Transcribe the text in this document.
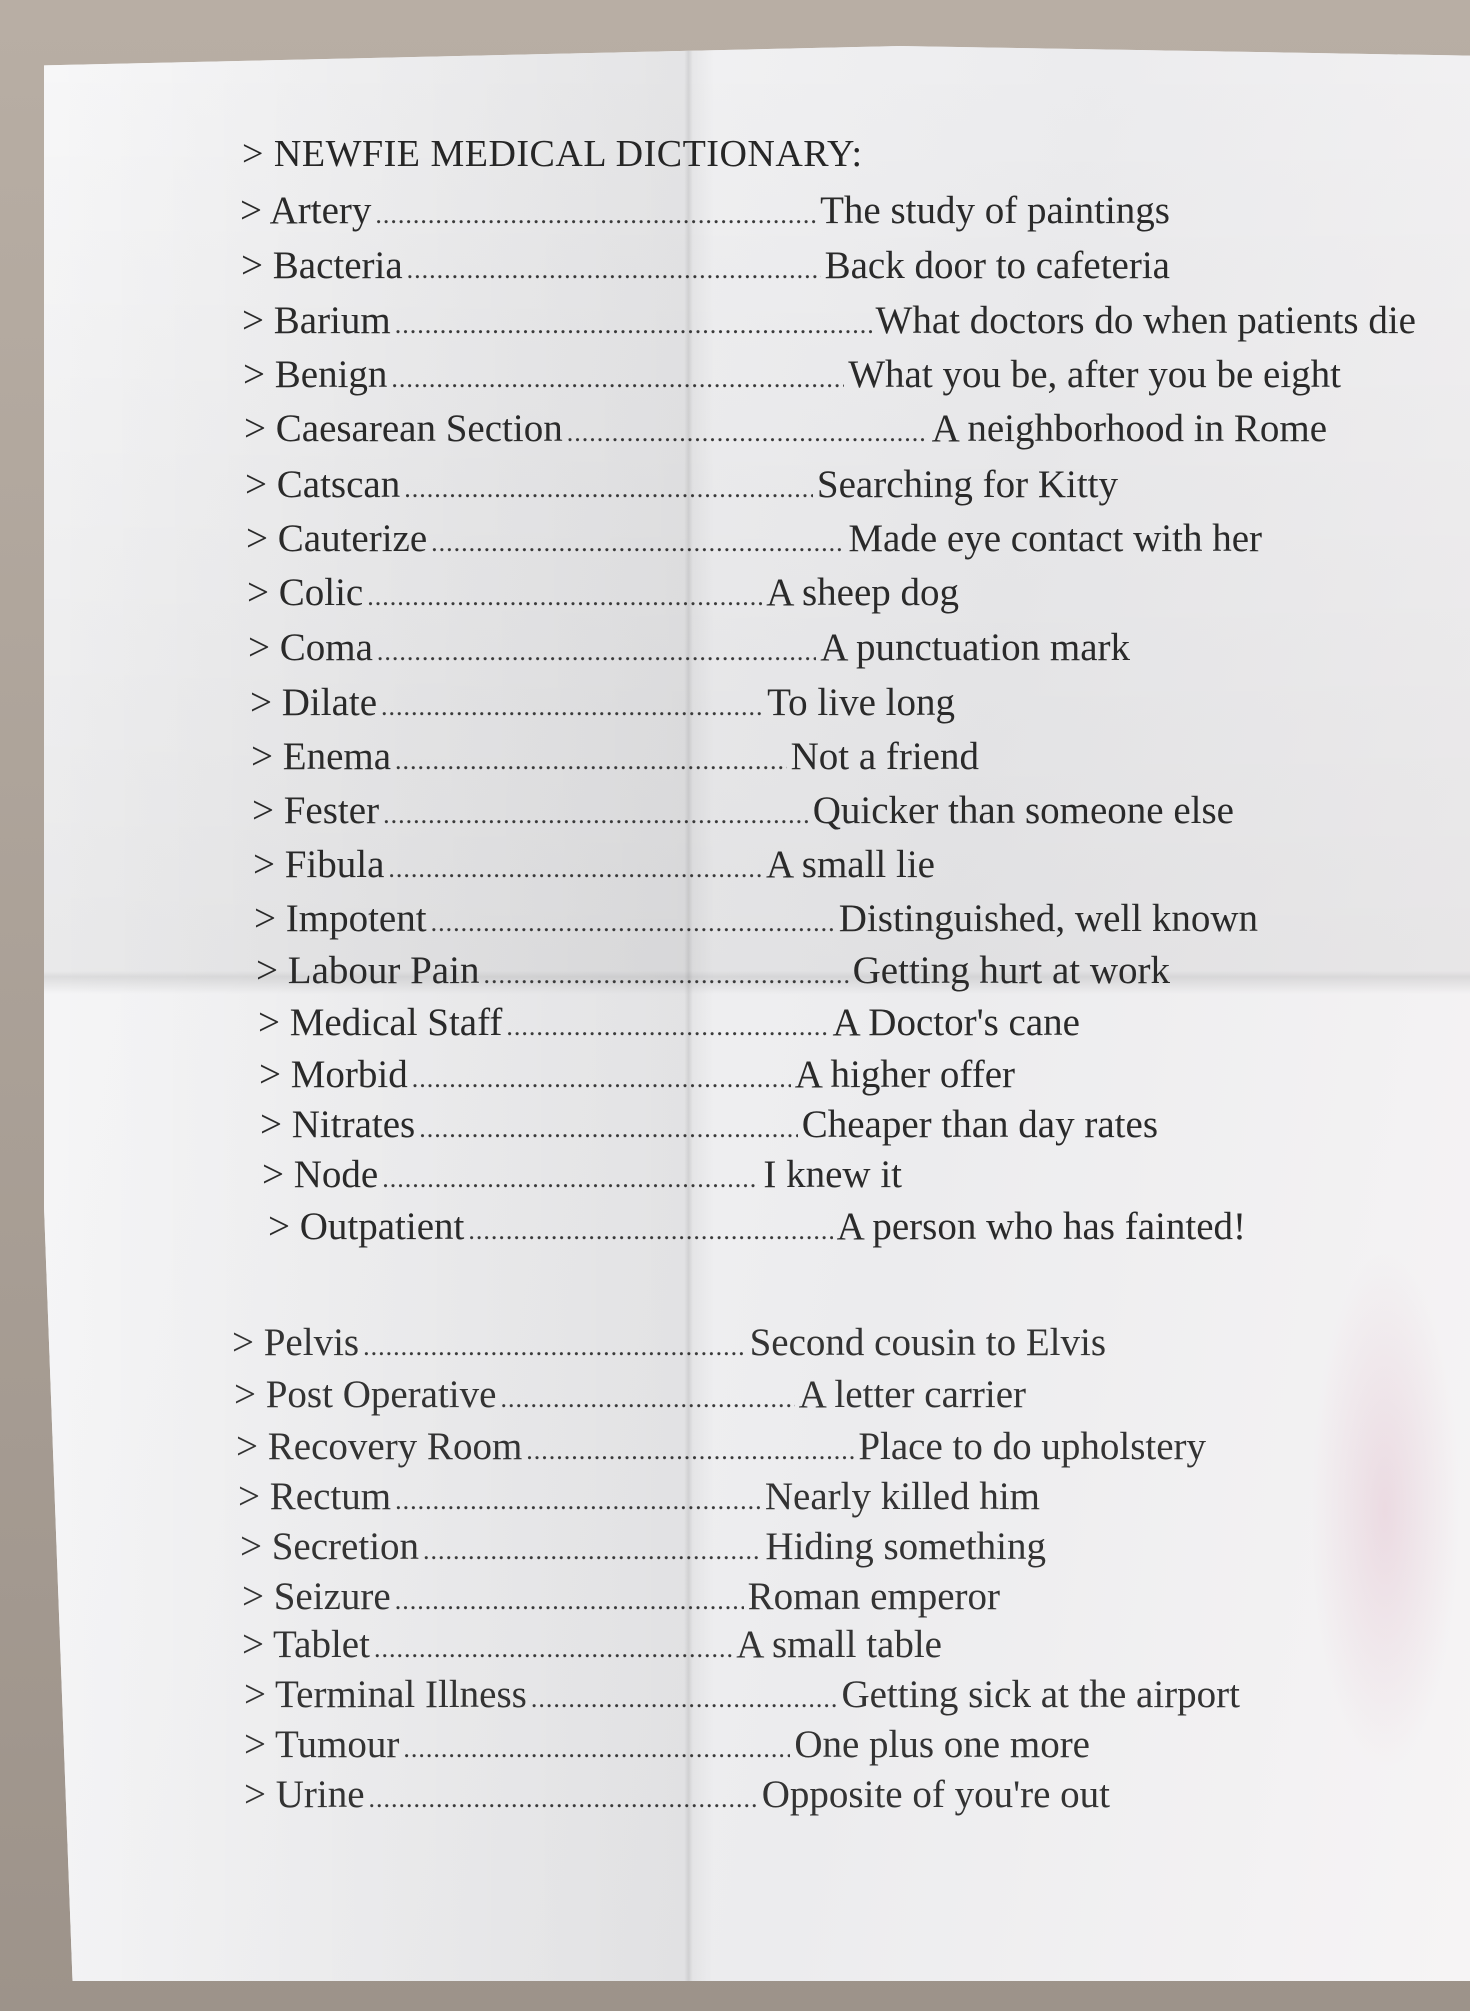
> NEWFIE MEDICAL DICTIONARY:
> Artery .....	The study of paintings
> Bacteria .....	Back door to cafeteria
> Barium .....	What doctors do when patients die
> Benign .....	What you be, after you be eight
> Caesarean Section .....	A neighborhood in Rome
> Catscan .....	Searching for Kitty
> Cauterize .....	Made eye contact with her
> Colic .....	A sheep dog
> Coma .....	A punctuation mark
> Dilate .....	To live long
> Enema .....	Not a friend
> Fester .....	Quicker than someone else
> Fibula .....	A small lie
> Impotent .....	Distinguished, well known
> Labour Pain .....	Getting hurt at work
> Medical Staff .....	A Doctor's cane
> Morbid .....	A higher offer
> Nitrates .....	Cheaper than day rates
> Node .....	I knew it
> Outpatient .....	A person who has fainted!
> Pelvis .....	Second cousin to Elvis
> Post Operative .....	A letter carrier
> Recovery Room .....	Place to do upholstery
> Rectum .....	Nearly killed him
> Secretion .....	Hiding something
> Seizure .....	Roman emperor
> Tablet .....	A small table
> Terminal Illness .....	Getting sick at the airport
> Tumour .....	One plus one more
> Urine .....	Opposite of you're out
